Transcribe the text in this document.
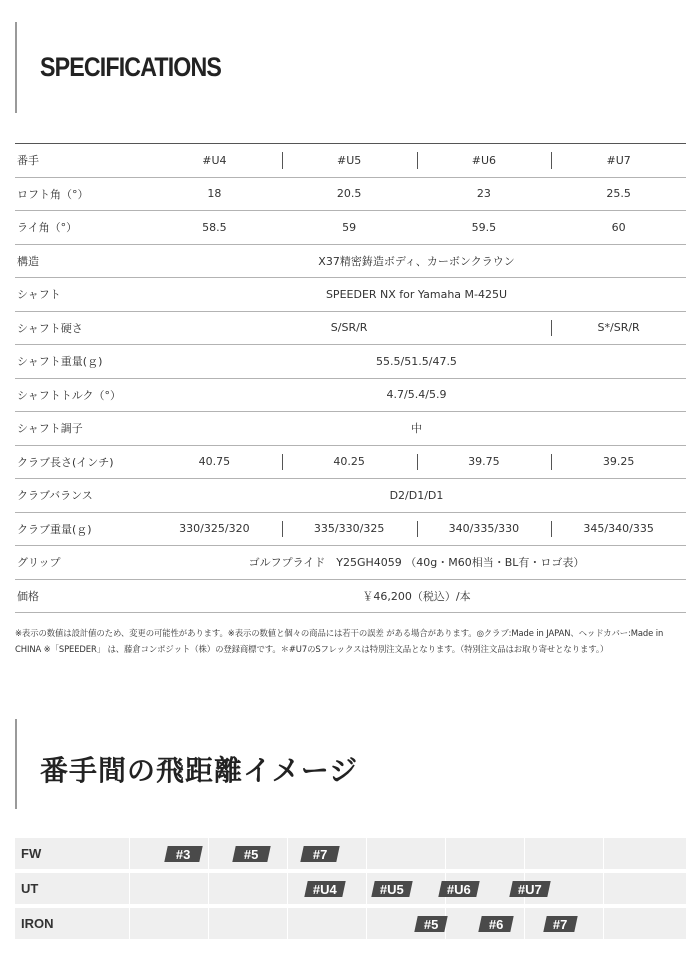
SPECIFICATIONS
番手	#U4	#U5	#U6	#U7
ロフト角（°）	18	20.5	23	25.5
ライ角（°）	58.5	59	59.5	60
構造	X37精密鋳造ボディ、カーボンクラウン			
シャフト	SPEEDER NX for Yamaha M-425U			
シャフト硬さ	S/SR/R			S*/SR/R
シャフト重量(ｇ)	55.5/51.5/47.5			
シャフトトルク（°）	4.7/5.4/5.9			
シャフト調子	中			
クラブ長さ(インチ)	40.75	40.25	39.75	39.25
クラブバランス	D2/D1/D1			
クラブ重量(ｇ)	330/325/320	335/330/325	340/335/330	345/340/335
グリップ	ゴルフプライド　Y25GH4059 （40g・M60相当・BL有・ロゴ表）			
価格	￥46,200（税込）/本			
※表示の数値は設計値のため、変更の可能性があります。※表示の数値と個々の商品には若干の誤差 がある場合があります。◎クラブ:Made in JAPAN、ヘッドカバー:Made in CHINA ※「SPEEDER」 は、藤倉コンポジット（株）の登録商標です。＊#U7のSフレックスは特別注文品となります。（特別注文品はお取り寄せとなります。）
番手間の飛距離イメージ
FW	#3	#5	#7
UT	#U4	#U5	#U6	#U7
IRON	#5	#6	#7
